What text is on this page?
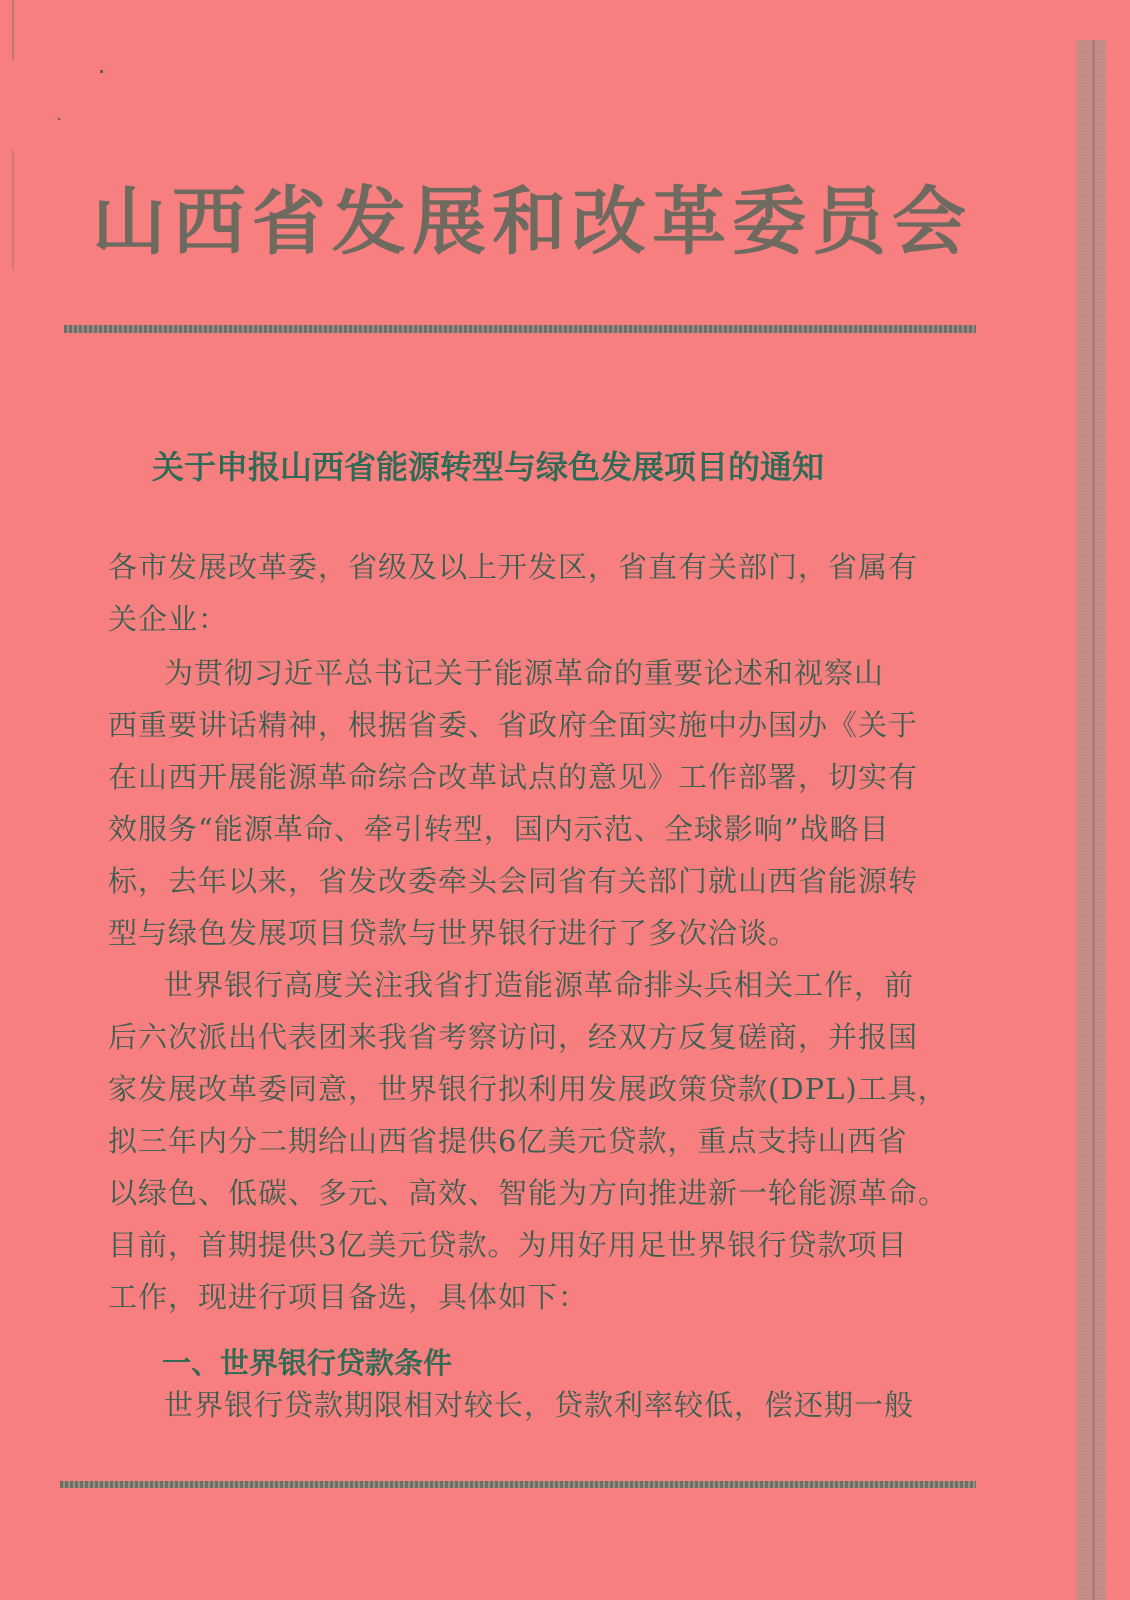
山西省发展和改革委员会
关于申报山西省能源转型与绿色发展项目的通知
各市发展改革委，省级及以上开发区，省直有关部门，省属有
关企业：
为贯彻习近平总书记关于能源革命的重要论述和视察山
西重要讲话精神，根据省委、省政府全面实施中办国办《关于
在山西开展能源革命综合改革试点的意见》工作部署，切实有
效服务“能源革命、牵引转型，国内示范、全球影响”战略目
标，去年以来，省发改委牵头会同省有关部门就山西省能源转
型与绿色发展项目贷款与世界银行进行了多次洽谈。
世界银行高度关注我省打造能源革命排头兵相关工作，前
后六次派出代表团来我省考察访问，经双方反复磋商，并报国
家发展改革委同意，世界银行拟利用发展政策贷款(DPL)工具，
拟三年内分二期给山西省提供6亿美元贷款，重点支持山西省
以绿色、低碳、多元、高效、智能为方向推进新一轮能源革命。
目前，首期提供3亿美元贷款。为用好用足世界银行贷款项目
工作，现进行项目备选，具体如下：
一、世界银行贷款条件
世界银行贷款期限相对较长，贷款利率较低，偿还期一般
